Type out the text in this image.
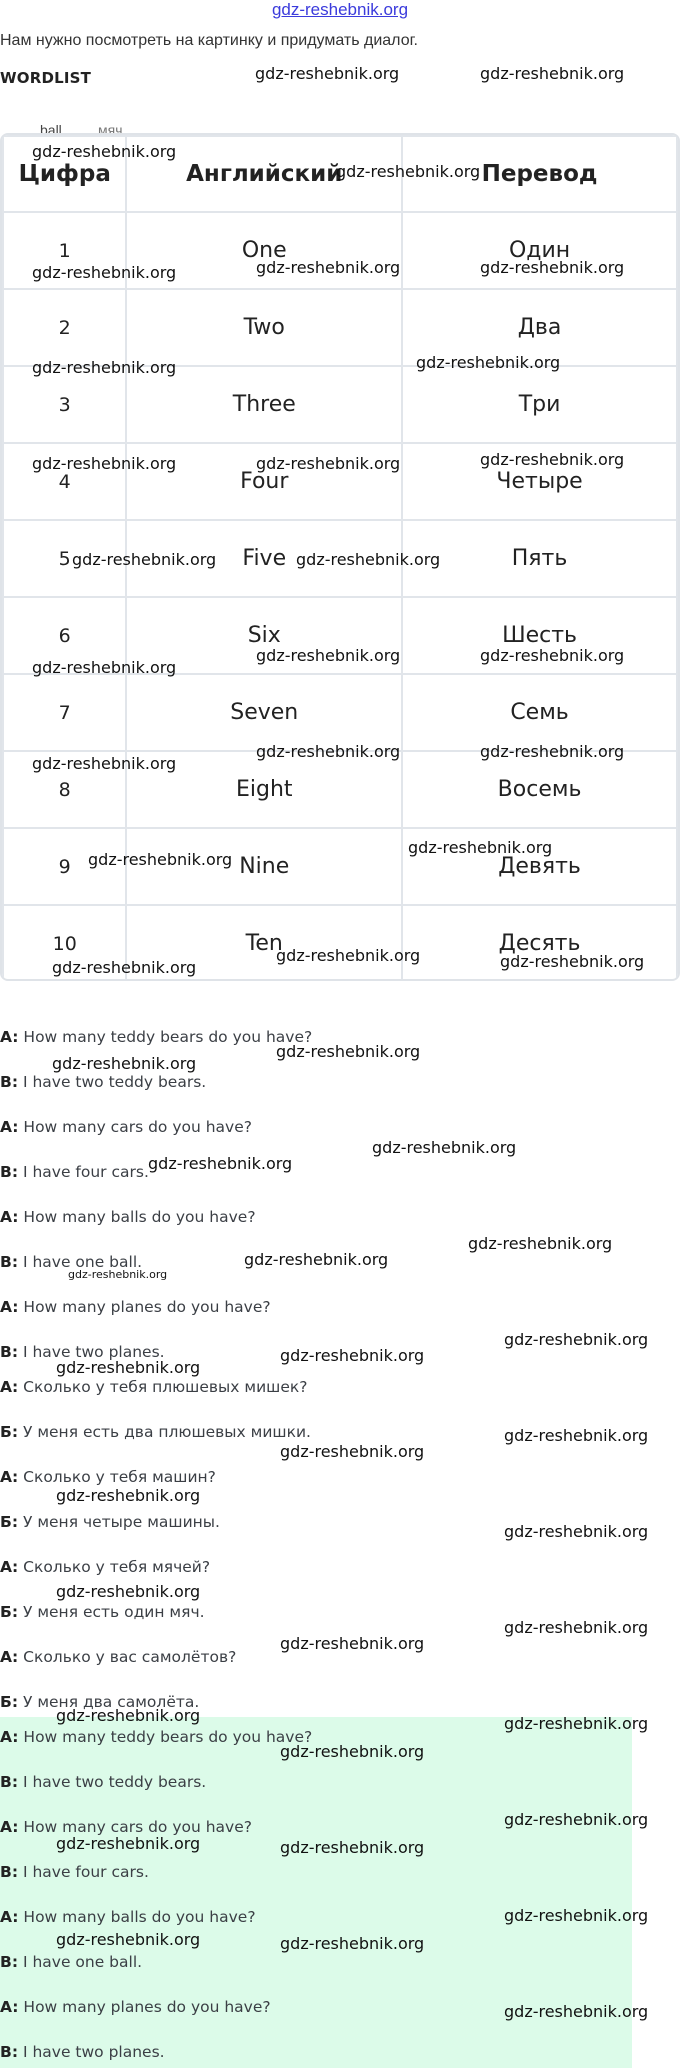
gdz-reshebnik.org
Нам нужно посмотреть на картинку и придумать диалог.
WORDLIST
ball	мяч
Цифра	Английский	Перевод
1	One	Один
2	Two	Два
3	Three	Три
4	Four	Четыре
5	Five	Пять
6	Six	Шесть
7	Seven	Семь
8	Eight	Восемь
9	Nine	Девять
10	Ten	Десять
A: How many teddy bears do you have?
B: I have two teddy bears.
A: How many cars do you have?
B: I have four cars.
A: How many balls do you have?
B: I have one ball.
A: How many planes do you have?
B: I have two planes.
А: Сколько у тебя плюшевых мишек?
Б: У меня есть два плюшевых мишки.
А: Сколько у тебя машин?
Б: У меня четыре машины.
А: Сколько у тебя мячей?
Б: У меня есть один мяч.
А: Сколько у вас самолётов?
Б: У меня два самолёта.
A: How many teddy bears do you have?
B: I have two teddy bears.
A: How many cars do you have?
B: I have four cars.
A: How many balls do you have?
B: I have one ball.
A: How many planes do you have?
B: I have two planes.
gdz-reshebnik.org	gdz-reshebnik.org
gdz-reshebnik.org
gdz-reshebnik.org
gdz-reshebnik.org	gdz-reshebnik.org	gdz-reshebnik.org
gdz-reshebnik.org	gdz-reshebnik.org
gdz-reshebnik.org	gdz-reshebnik.org	gdz-reshebnik.org
gdz-reshebnik.org	gdz-reshebnik.org
gdz-reshebnik.org	gdz-reshebnik.org
gdz-reshebnik.org
gdz-reshebnik.org
gdz-reshebnik.org	gdz-reshebnik.org
gdz-reshebnik.org
gdz-reshebnik.org
gdz-reshebnik.org
gdz-reshebnik.org	gdz-reshebnik.org
gdz-reshebnik.org
gdz-reshebnik.org
gdz-reshebnik.org
gdz-reshebnik.org
gdz-reshebnik.org
gdz-reshebnik.org
gdz-reshebnik.org
gdz-reshebnik.org
gdz-reshebnik.org
gdz-reshebnik.org
gdz-reshebnik.org
gdz-reshebnik.org
gdz-reshebnik.org
gdz-reshebnik.org
gdz-reshebnik.org
gdz-reshebnik.org
gdz-reshebnik.org
gdz-reshebnik.org	gdz-reshebnik.org
gdz-reshebnik.org
gdz-reshebnik.org
gdz-reshebnik.org	gdz-reshebnik.org
gdz-reshebnik.org
gdz-reshebnik.org	gdz-reshebnik.org
gdz-reshebnik.org
